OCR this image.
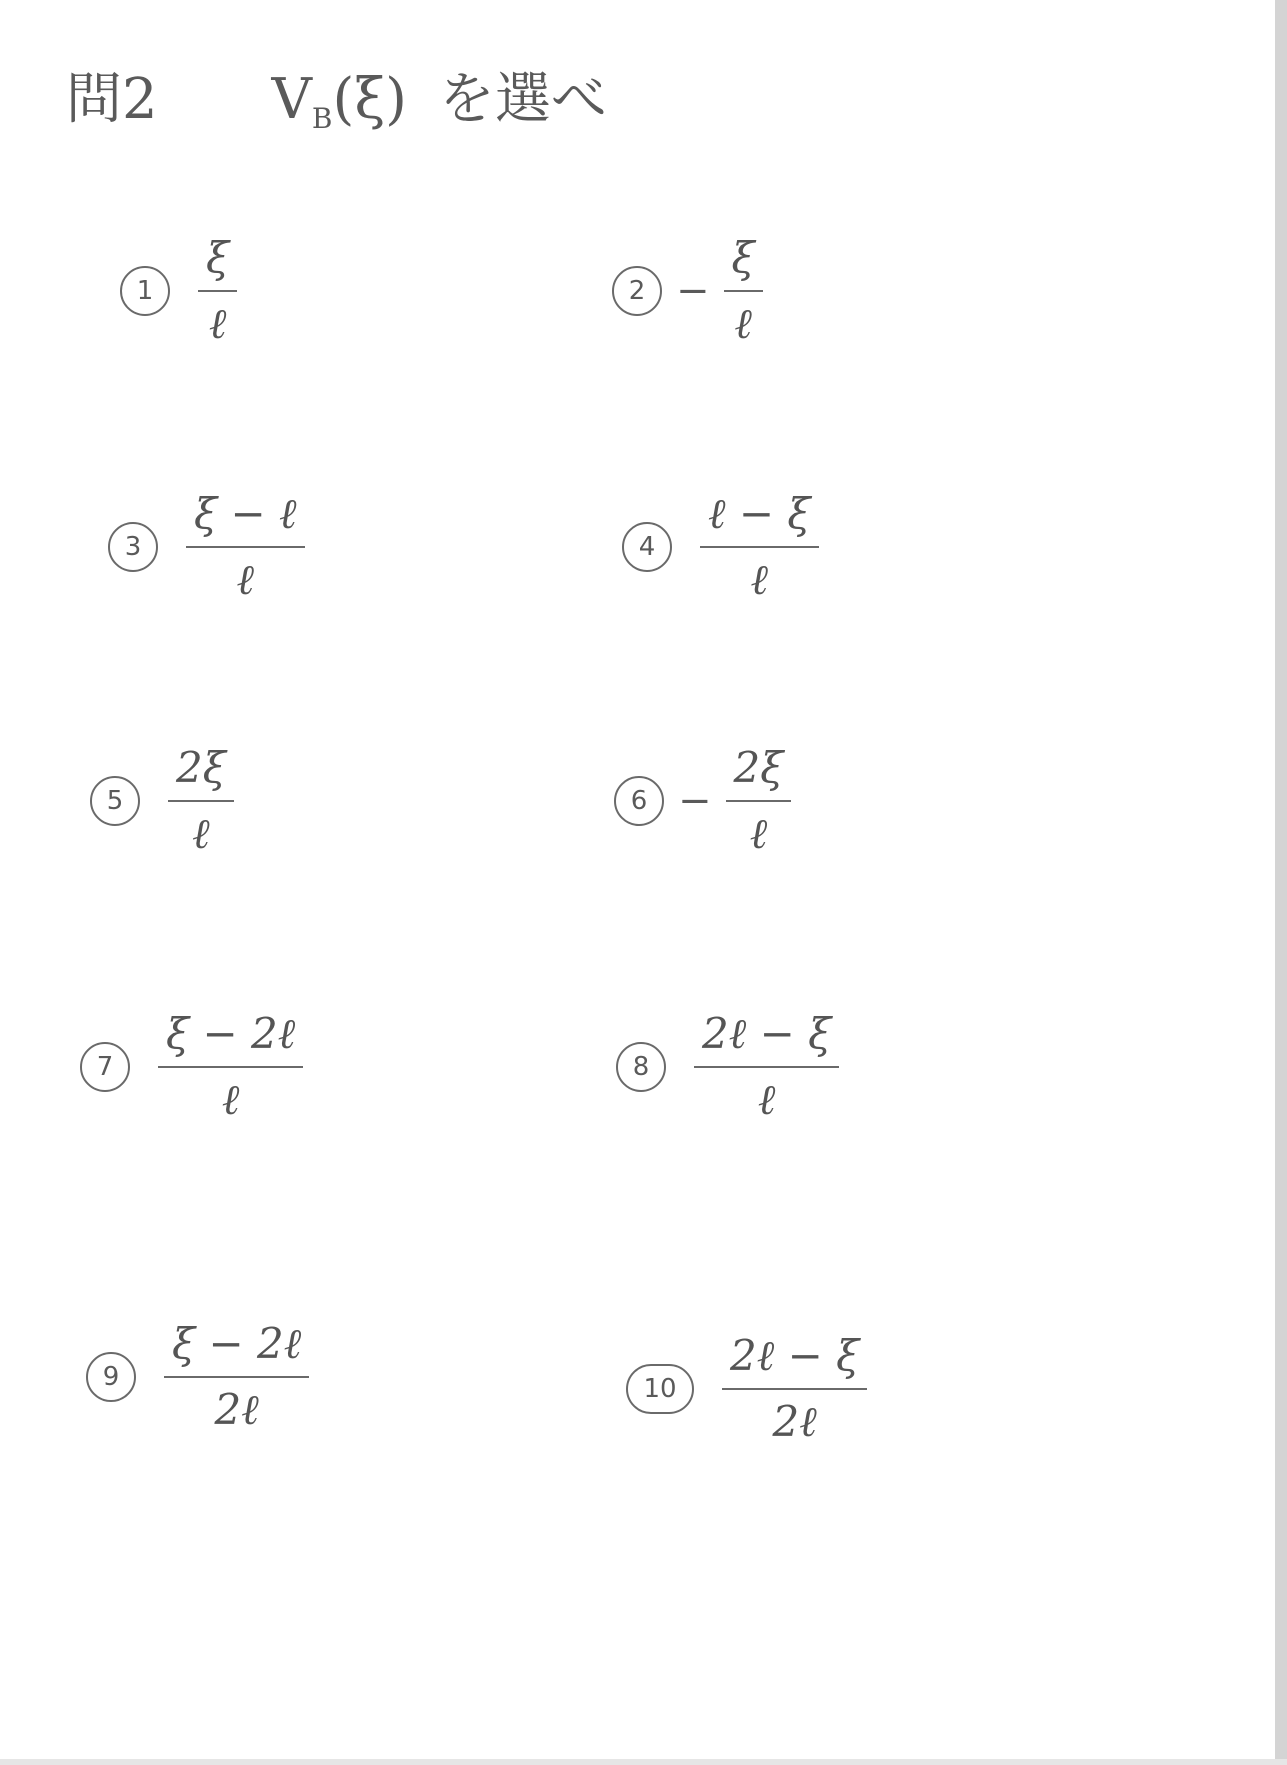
問2 $V_B(\xi)$ を選べ
1	$\frac{\xi}{\text{ℓ}}$	$2 - \frac{\xi}{\text{ℓ}}$
3	$\frac{\text{ξ − ℓ}}{\text{ℓ}}$	4	$\frac{\text{ℓ − ξ}}{\text{ℓ}}$
5	$\frac{2\xi}{\text{ℓ}}$	$6 - \frac{2\xi}{\text{ℓ}}$
7	$\frac{\text{ξ − 2ℓ}}{\text{ℓ}}$	8	$\frac{\text{2ℓ − ξ}}{\text{ℓ}}$
9	$\frac{\text{ξ − 2ℓ}}{\text{2ℓ}}$	10	$\frac{\text{2ℓ − ξ}}{\text{2ℓ}}$
